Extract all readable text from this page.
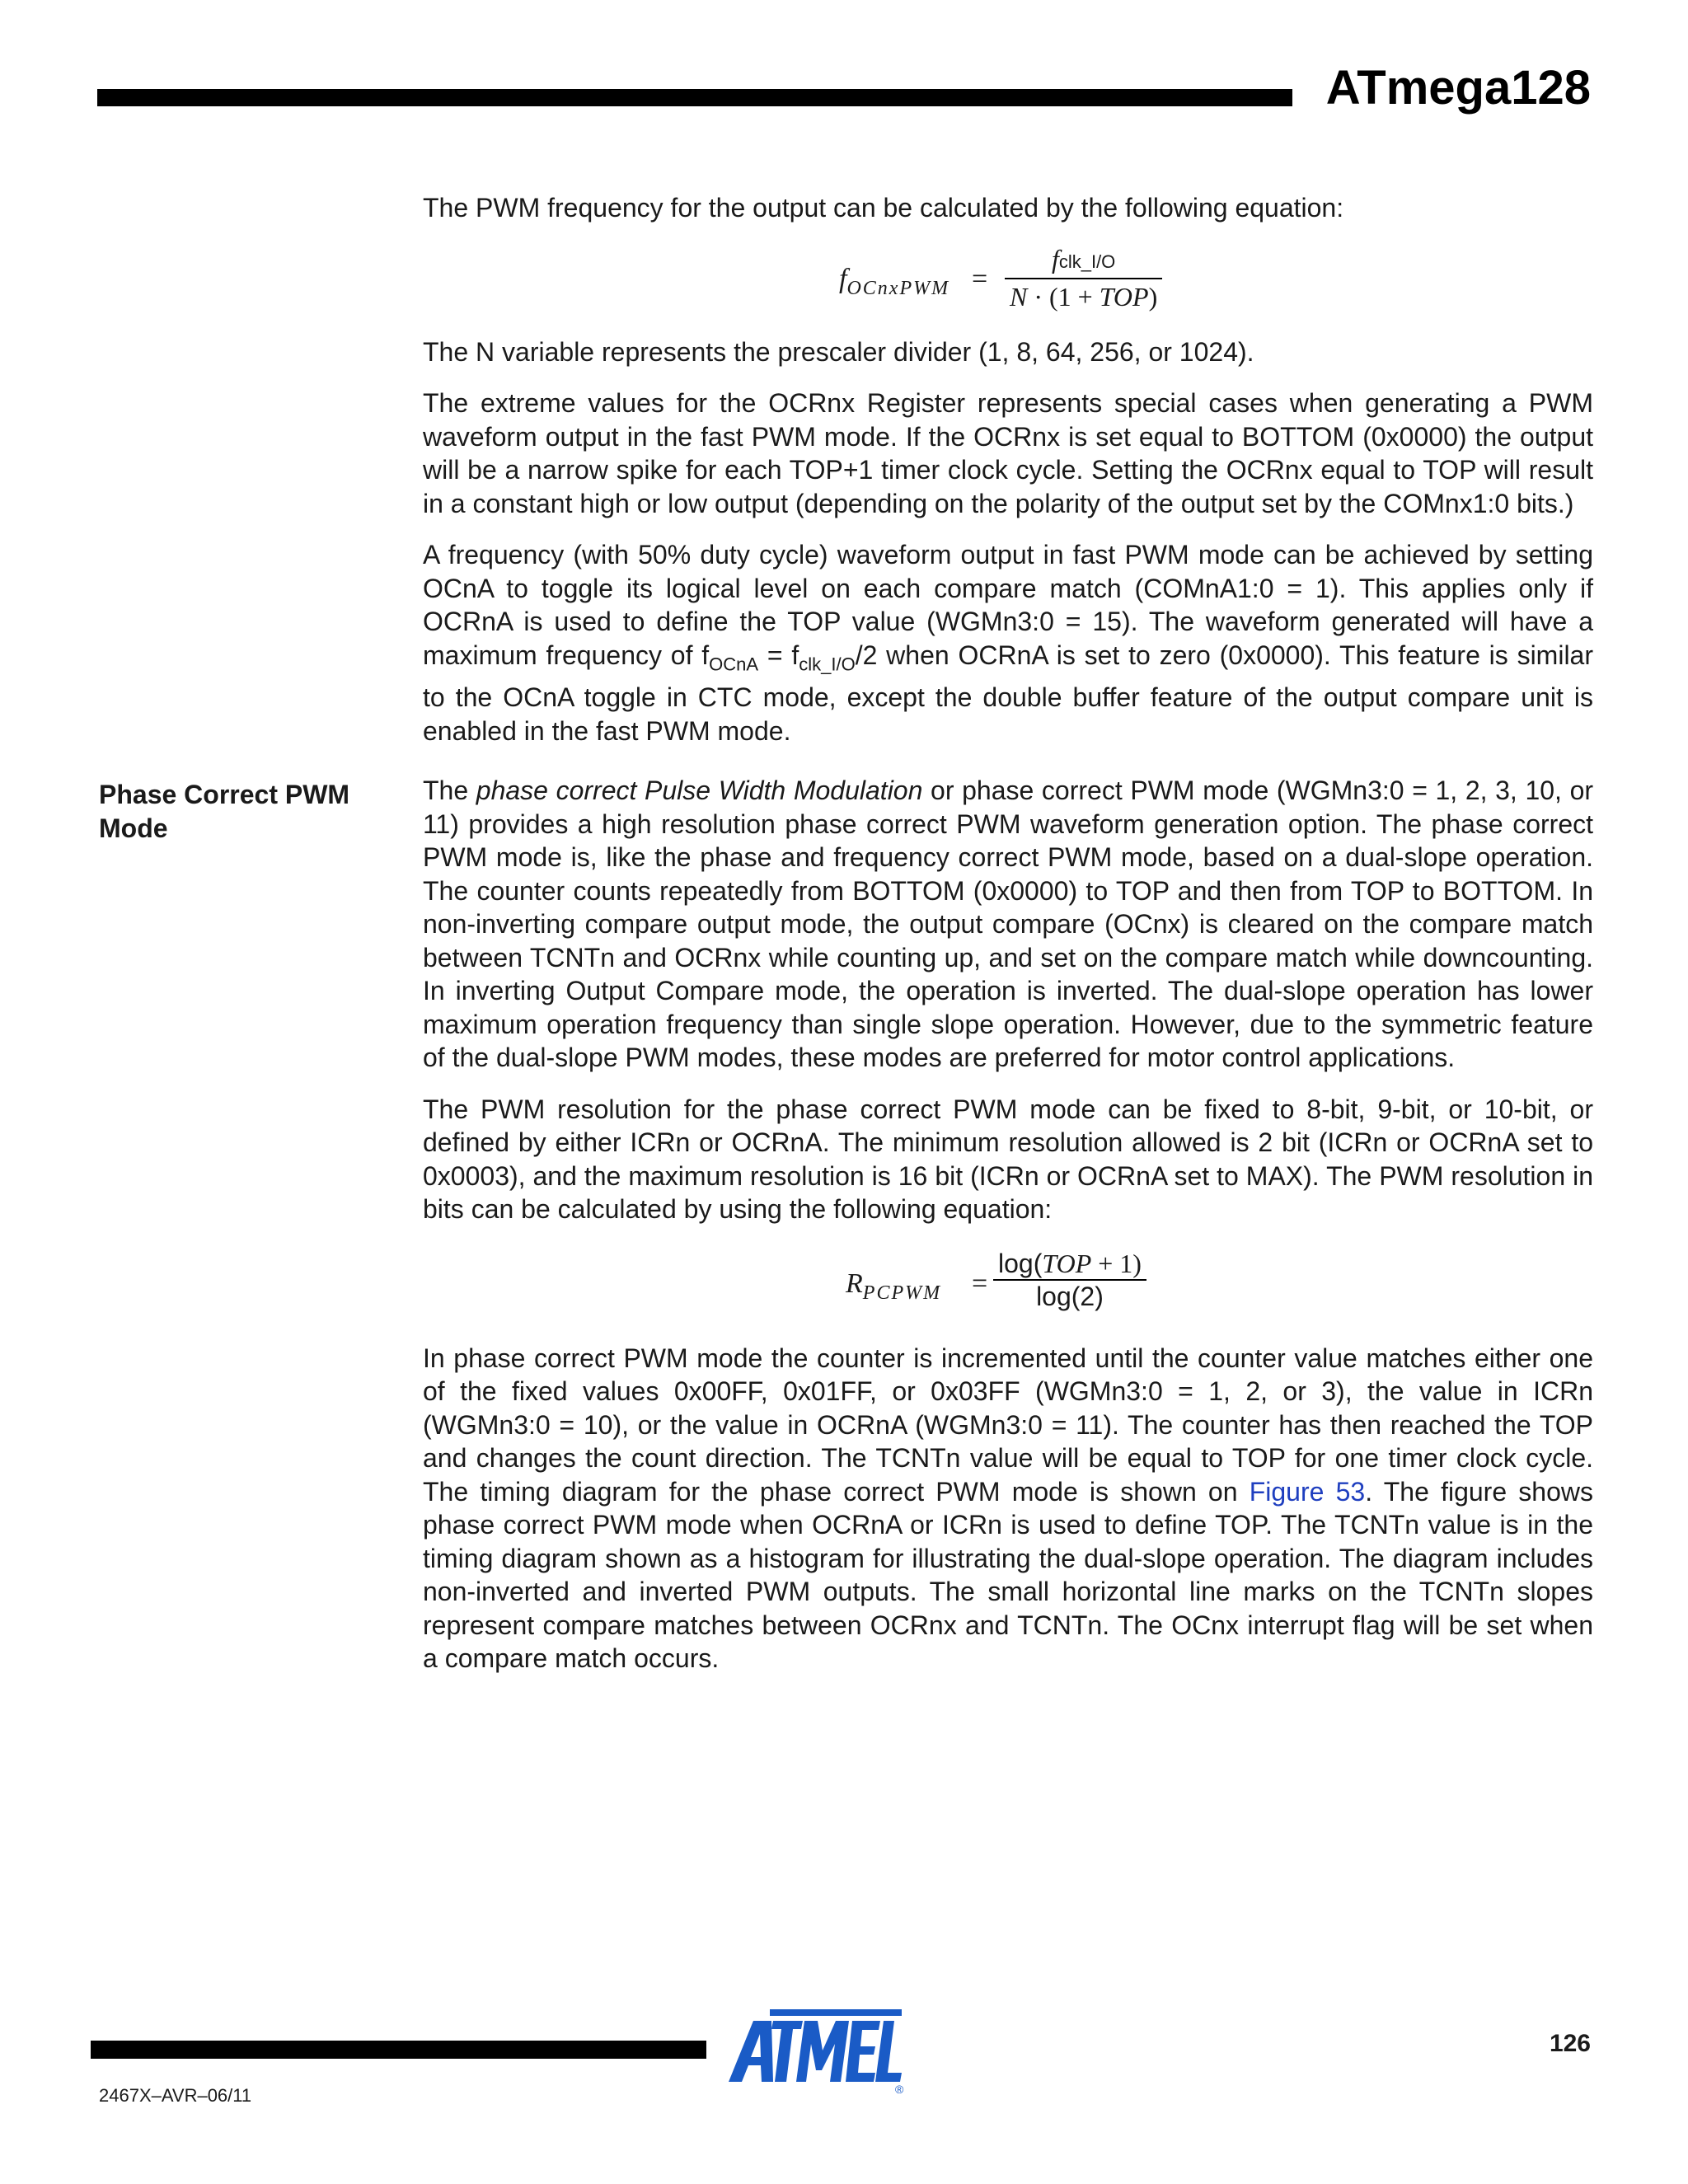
ATmega128

The PWM frequency for the output can be calculated by the following equation:

$f_{OCnxPWM}$ =
fclk_I/O
N · (1 + TOP)

The N variable represents the prescaler divider (1, 8, 64, 256, or 1024).

The extreme values for the OCRnx Register represents special cases when generating a PWM waveform output in the fast PWM mode. If the OCRnx is set equal to BOTTOM (0x0000) the output will be a narrow spike for each TOP+1 timer clock cycle. Setting the OCRnx equal to TOP will result in a constant high or low output (depending on the polarity of the output set by the COMnx1:0 bits.)

A frequency (with 50% duty cycle) waveform output in fast PWM mode can be achieved by setting OCnA to toggle its logical level on each compare match (COMnA1:0 = 1). This applies only if OCRnA is used to define the TOP value (WGMn3:0 = 15). The waveform generated will have a maximum frequency of $f_{OCnA} = f_{clk\_I/O}/2$ when OCRnA is set to zero (0x0000). This feature is similar to the OCnA toggle in CTC mode, except the double buffer feature of the output compare unit is enabled in the fast PWM mode.

The phase correct Pulse Width Modulation or phase correct PWM mode (WGMn3:0 = 1, 2, 3, 10, or 11) provides a high resolution phase correct PWM waveform generation option. The phase correct PWM mode is, like the phase and frequency correct PWM mode, based on a dual-slope operation. The counter counts repeatedly from BOTTOM (0x0000) to TOP and then from TOP to BOTTOM. In non-inverting compare output mode, the output compare (OCnx) is cleared on the compare match between TCNTn and OCRnx while counting up, and set on the compare match while downcounting. In inverting Output Compare mode, the operation is inverted. The dual-slope operation has lower maximum operation frequency than single slope operation. However, due to the symmetric feature of the dual-slope PWM modes, these modes are preferred for motor control applications.

The PWM resolution for the phase correct PWM mode can be fixed to 8-bit, 9-bit, or 10-bit, or defined by either ICRn or OCRnA. The minimum resolution allowed is 2 bit (ICRn or OCRnA set to 0x0003), and the maximum resolution is 16 bit (ICRn or OCRnA set to MAX). The PWM resolution in bits can be calculated by using the following equation:

$R_{PCPWM}$ =
log(TOP + 1)
log(2)

In phase correct PWM mode the counter is incremented until the counter value matches either one of the fixed values 0x00FF, 0x01FF, or 0x03FF (WGMn3:0 = 1, 2, or 3), the value in ICRn (WGMn3:0 = 10), or the value in OCRnA (WGMn3:0 = 11). The counter has then reached the TOP and changes the count direction. The TCNTn value will be equal to TOP for one timer clock cycle. The timing diagram for the phase correct PWM mode is shown on Figure 53. The figure shows phase correct PWM mode when OCRnA or ICRn is used to define TOP. The TCNTn value is in the timing diagram shown as a histogram for illustrating the dual-slope operation. The diagram includes non-inverted and inverted PWM outputs. The small horizontal line marks on the TCNTn slopes represent compare matches between OCRnx and TCNTn. The OCnx interrupt flag will be set when a compare match occurs.

Phase Correct PWM
Mode
®
126
2467X–AVR–06/11
